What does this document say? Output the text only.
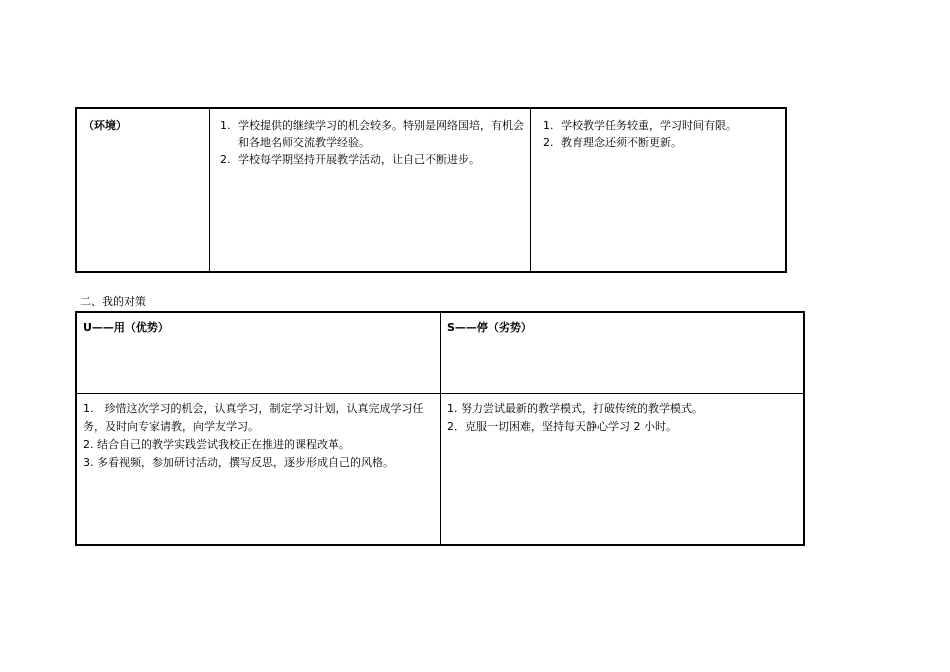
（环境）	1. 学校提供的继续学习的机会较多。特别是网络国培，有机会和各地名师交流教学经验。
2. 学校每学期坚持开展教学活动，让自己不断进步。
1. 学校教学任务较重，学习时间有限。
2. 教育理念还须不断更新。
二、我的对策
U——用（优势）	S——停（劣势）
1.　珍惜这次学习的机会，认真学习，制定学习计划，认真完成学习任务，及时向专家请教，向学友学习。
2. 结合自己的教学实践尝试我校正在推进的课程改革。
3. 多看视频，参加研讨活动，撰写反思，逐步形成自己的风格。
1. 努力尝试最新的教学模式，打破传统的教学模式。
2．克服一切困难，坚持每天静心学习 2 小时。
